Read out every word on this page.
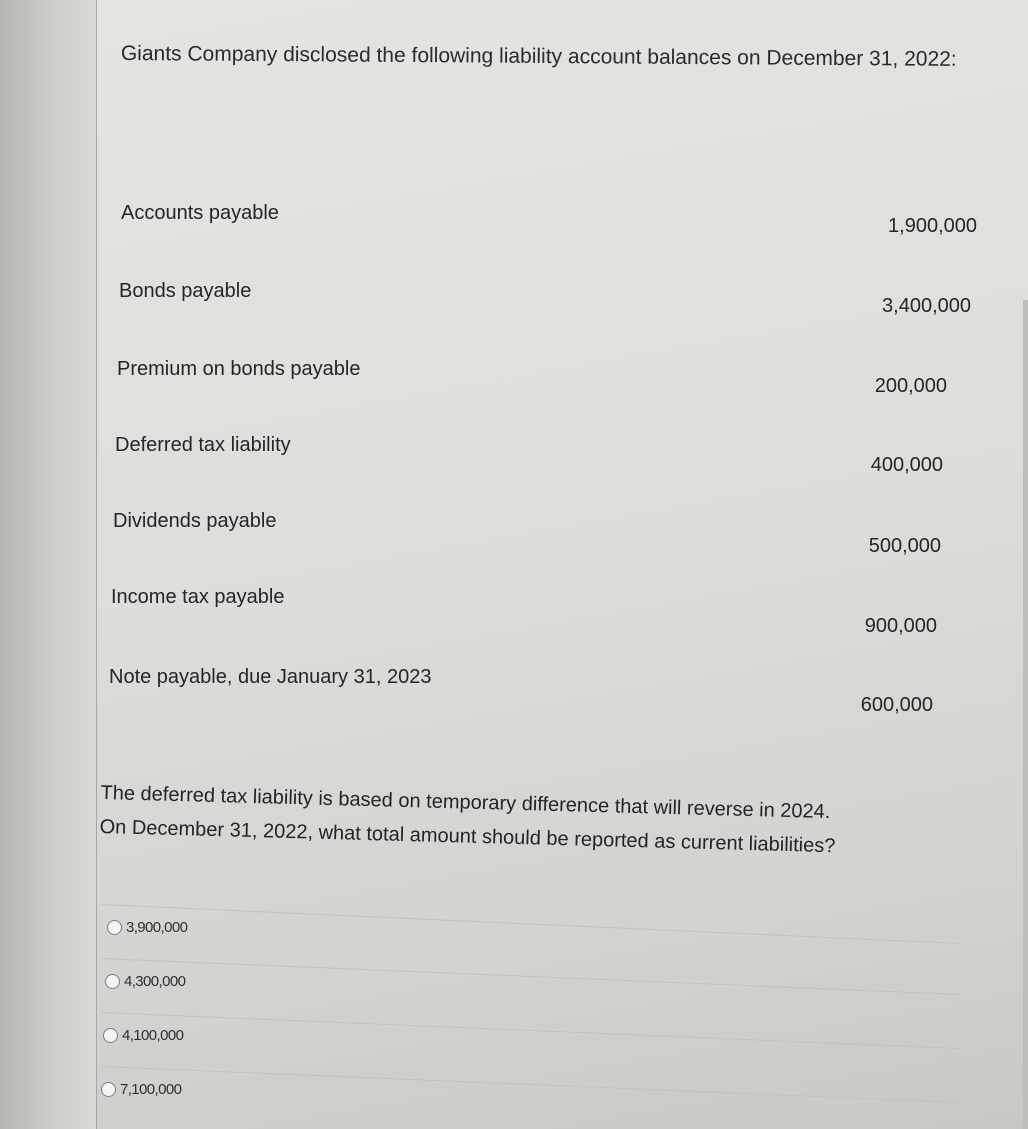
Giants Company disclosed the following liability account balances on December 31, 2022:

Accounts payable
1,900,000
Bonds payable
3,400,000
Premium on bonds payable
200,000
Deferred tax liability
400,000
Dividends payable
500,000
Income tax payable
900,000
Note payable, due January 31, 2023
600,000
The deferred tax liability is based on temporary difference that will reverse in 2024.
On December 31, 2022, what total amount should be reported as current liabilities?
3,900,000
4,300,000
4,100,000
7,100,000
